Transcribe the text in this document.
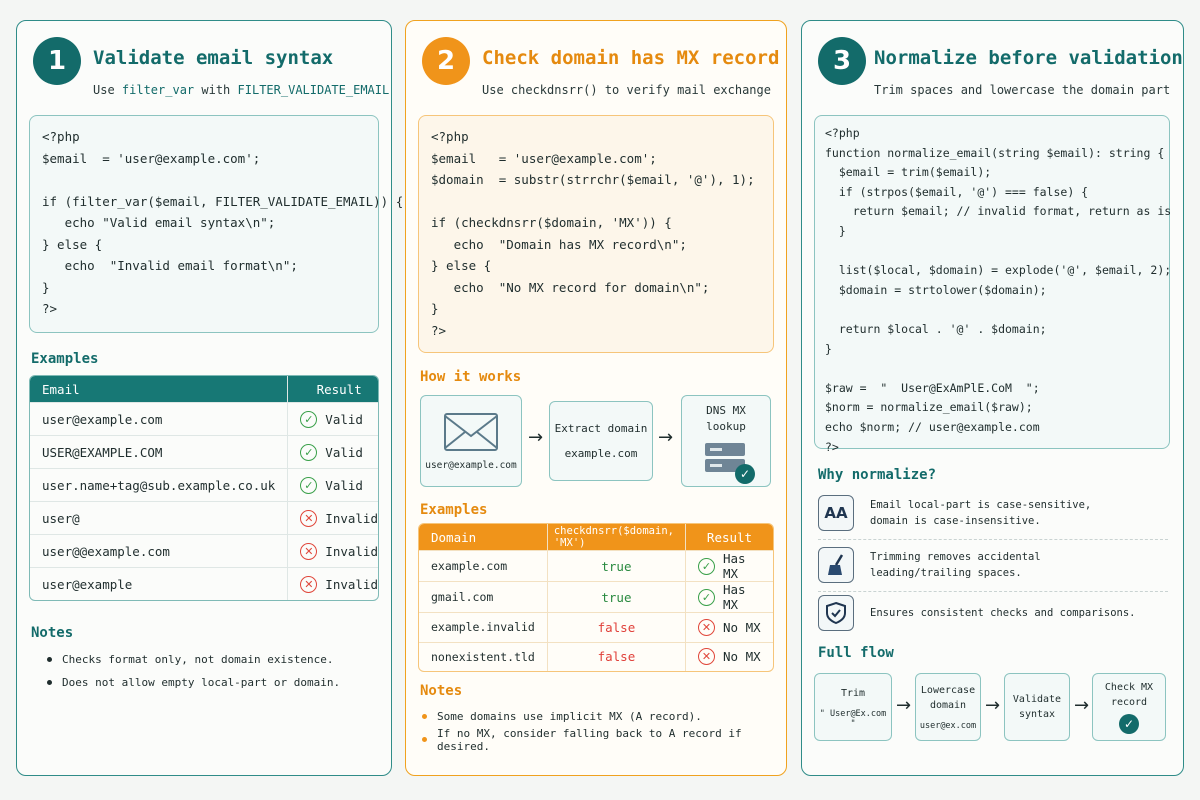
1	Validate email syntax
Use filter_var with FILTER_VALIDATE_EMAIL
<?php
$email  = 'user@example.com';

if (filter_var($email, FILTER_VALIDATE_EMAIL)) {
echo "Valid email syntax\n";
} else {
echo  "Invalid email format\n";
}
?>
Examples
Email	Result
user@example.com	✓ Valid

USER@EXAMPLE.COM	✓ Valid

user.name+tag@sub.example.co.uk	✓ Valid

user@	✕ Invalid

user@@example.com	✕ Invalid

user@example	✕ Invalid
Notes
Checks format only, not domain existence.
Does not allow empty local-part or domain.
2	Check domain has MX record
Use checkdnsrr() to verify mail exchange
<?php
$email   = 'user@example.com';
$domain  = substr(strrchr($email, '@'), 1);

if (checkdnsrr($domain, 'MX')) {
echo  "Domain has MX record\n";
} else {
echo  "No MX record for domain\n";
}
?>
How it works
user@example.com
→ Extract domain
example.com
→
DNS MX lookup
✓
Examples
Domain	checkdnsrr($domain, 'MX')	Result
example.com	true	✓ Has MX

gmail.com	true	✓ Has MX

example.invalid	false	✕ No MX

nonexistent.tld	false	✕ No MX
Notes
Some domains use implicit MX (A record).
If no MX, consider falling back to A record if desired.
3	Normalize before validation
Trim spaces and lowercase the domain part
<?php
function normalize_email(string $email): string {
$email = trim($email);
if (strpos($email, '@') === false) {
return $email; // invalid format, return as is
}

list($local, $domain) = explode('@', $email, 2);
$domain = strtolower($domain);

return $local . '@' . $domain;
}

$raw =  "  User@ExAmPlE.CoM  ";
$norm = normalize_email($raw);
echo $norm; // user@example.com
?>
Why normalize?
AA Email local-part is case-sensitive,
domain is case-insensitive.
Trimming removes accidental
leading/trailing spaces.
Ensures consistent checks and comparisons.
Full flow
Trim
" User@Ex.com "
→
Lowercase domain
user@ex.com
→	Validate syntax	→
Check MX record
✓
